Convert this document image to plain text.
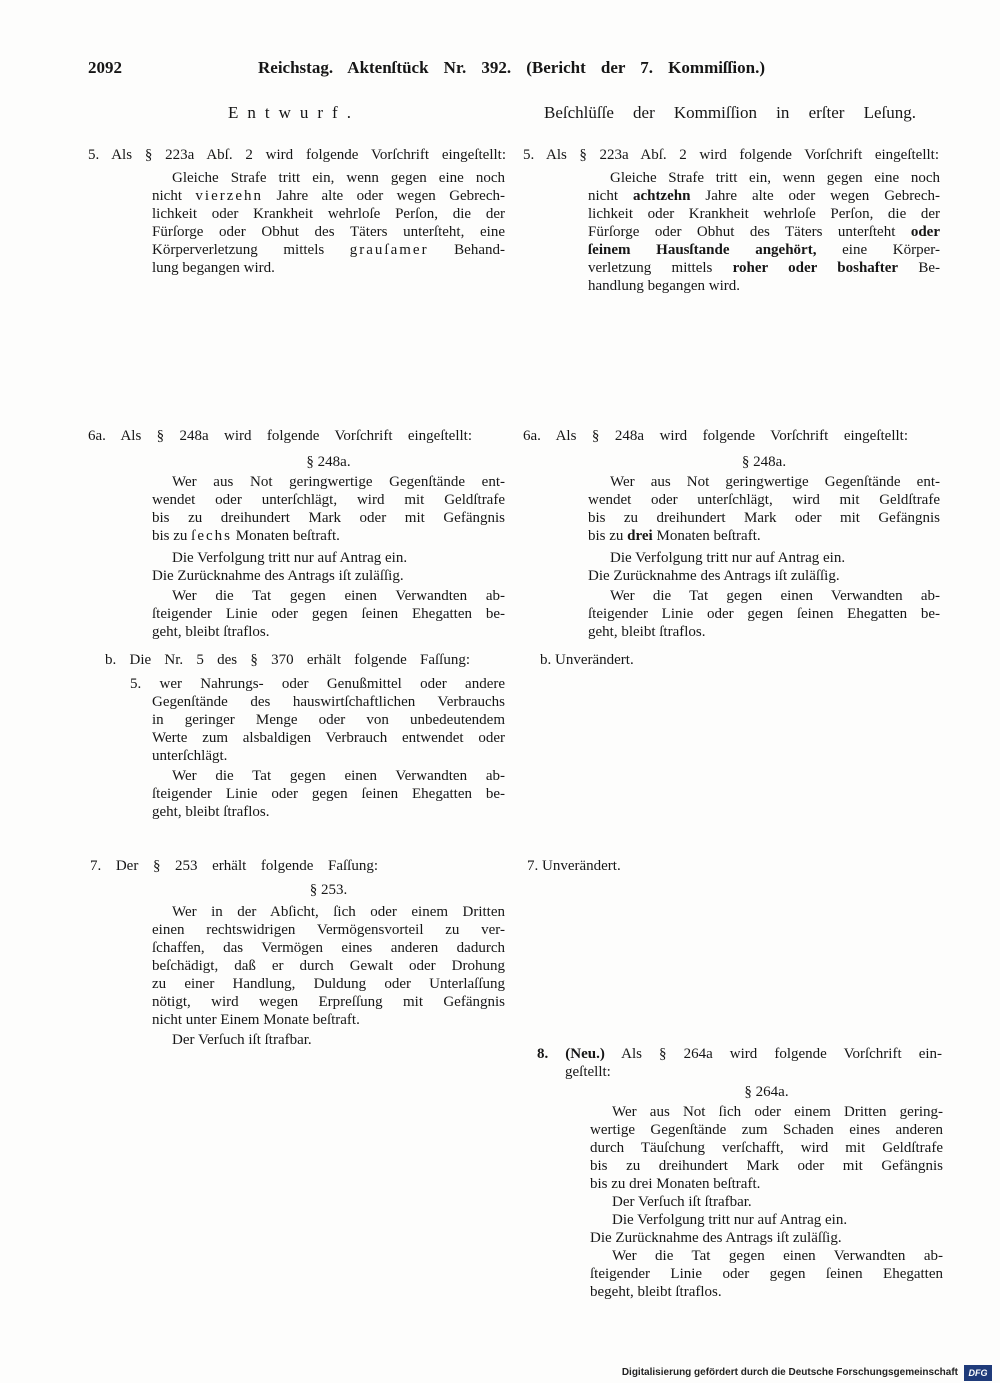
2092	Reichstag. Aktenſtück Nr. 392. (Bericht der 7. Kommiſſion.)
Entwurf.	Beſchlüſſe der Kommiſſion in erſter Leſung.
5. Als § 223a Abſ. 2 wird folgende Vorſchrift eingeſtellt:
Gleiche Strafe tritt ein, wenn gegen eine noch
nicht vierzehn Jahre alte oder wegen Gebrech-
lichkeit oder Krankheit wehrloſe Perſon, die der
Fürſorge oder Obhut des Täters unterſteht, eine
Körperverletzung mittels grauſamer Behand-
lung begangen wird.
6a. Als § 248a wird folgende Vorſchrift eingeſtellt:
§ 248a.
Wer aus Not geringwertige Gegenſtände ent-
wendet oder unterſchlägt, wird mit Geldſtrafe
bis zu dreihundert Mark oder mit Gefängnis
bis zu ſechs Monaten beſtraft.
Die Verfolgung tritt nur auf Antrag ein.
Die Zurücknahme des Antrags iſt zuläſſig.
Wer die Tat gegen einen Verwandten ab-
ſteigender Linie oder gegen ſeinen Ehegatten be-
geht, bleibt ſtraflos.
b. Die Nr. 5 des § 370 erhält folgende Faſſung:
5. wer Nahrungs- oder Genußmittel oder andere
Gegenſtände des hauswirtſchaftlichen Verbrauchs
in geringer Menge oder von unbedeutendem
Werte zum alsbaldigen Verbrauch entwendet oder
unterſchlägt.
Wer die Tat gegen einen Verwandten ab-
ſteigender Linie oder gegen ſeinen Ehegatten be-
geht, bleibt ſtraflos.
7. Der § 253 erhält folgende Faſſung:
§ 253.
Wer in der Abſicht, ſich oder einem Dritten
einen rechtswidrigen Vermögensvorteil zu ver-
ſchaffen, das Vermögen eines anderen dadurch
beſchädigt, daß er durch Gewalt oder Drohung
zu einer Handlung, Duldung oder Unterlaſſung
nötigt, wird wegen Erpreſſung mit Gefängnis
nicht unter Einem Monate beſtraft.
Der Verſuch iſt ſtrafbar.
5. Als § 223a Abſ. 2 wird folgende Vorſchrift eingeſtellt:
Gleiche Strafe tritt ein, wenn gegen eine noch
nicht achtzehn Jahre alte oder wegen Gebrech-
lichkeit oder Krankheit wehrloſe Perſon, die der
Fürſorge oder Obhut des Täters unterſteht oder
ſeinem Hausſtande angehört, eine Körper-
verletzung mittels roher oder boshafter Be-
handlung begangen wird.
6a. Als § 248a wird folgende Vorſchrift eingeſtellt:
§ 248a.
Wer aus Not geringwertige Gegenſtände ent-
wendet oder unterſchlägt, wird mit Geldſtrafe
bis zu dreihundert Mark oder mit Gefängnis
bis zu drei Monaten beſtraft.
Die Verfolgung tritt nur auf Antrag ein.
Die Zurücknahme des Antrags iſt zuläſſig.
Wer die Tat gegen einen Verwandten ab-
ſteigender Linie oder gegen ſeinen Ehegatten be-
geht, bleibt ſtraflos.
b. Unverändert.
7. Unverändert.
8. (Neu.) Als § 264a wird folgende Vorſchrift ein-
geſtellt:
§ 264a.
Wer aus Not ſich oder einem Dritten gering-
wertige Gegenſtände zum Schaden eines anderen
durch Täuſchung verſchafft, wird mit Geldſtrafe
bis zu dreihundert Mark oder mit Gefängnis
bis zu drei Monaten beſtraft.
Der Verſuch iſt ſtrafbar.
Die Verfolgung tritt nur auf Antrag ein.
Die Zurücknahme des Antrags iſt zuläſſig.
Wer die Tat gegen einen Verwandten ab-
ſteigender Linie oder gegen ſeinen Ehegatten
begeht, bleibt ſtraflos.
Digitalisierung gefördert durch die Deutsche Forschungsgemeinschaft	DFG
